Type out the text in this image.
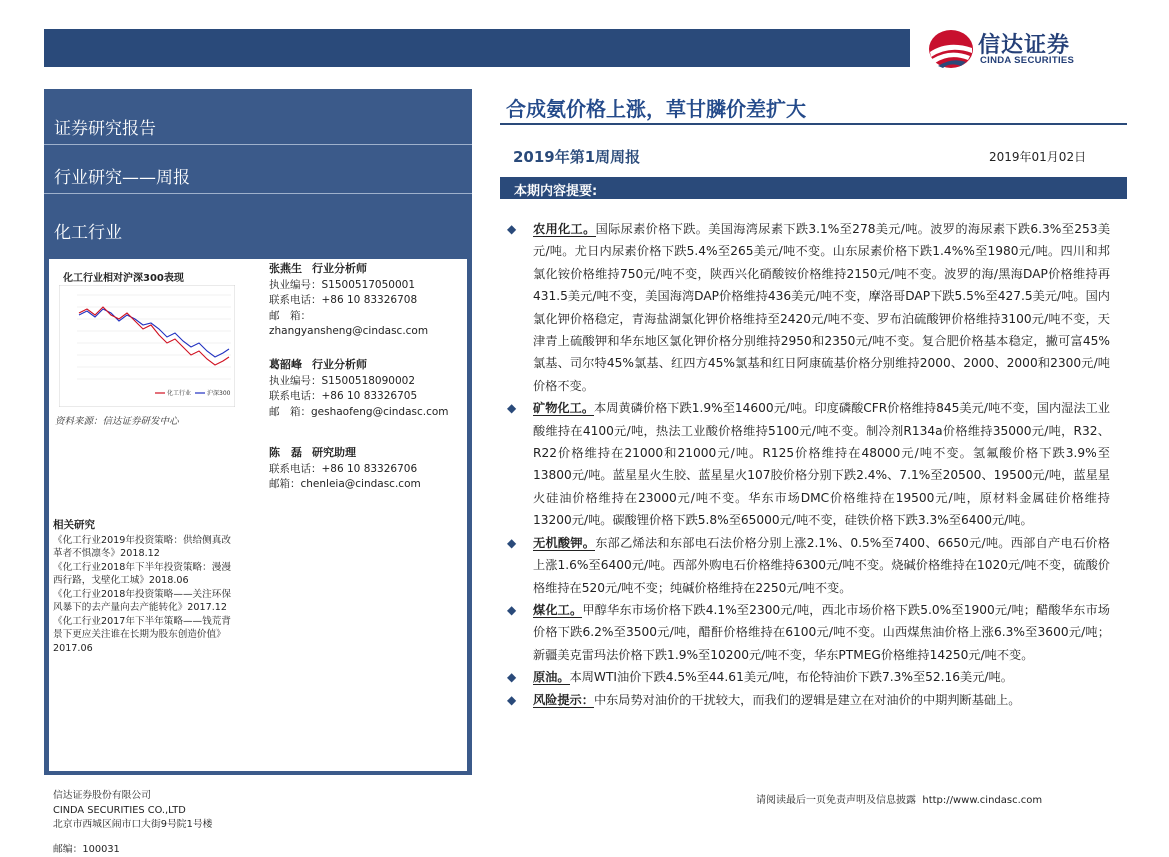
信达证券
CINDA SECURITIES
证券研究报告
行业研究——周报
化工行业
化工行业相对沪深300表现
化工行业	沪深300
资料来源：信达证券研发中心
张燕生 行业分析师
执业编号：S1500517050001
联系电话：+86 10 83326708
邮　箱：
zhangyansheng@cindasc.com
葛韶峰 行业分析师
执业编号：S1500518090002
联系电话：+86 10 83326705
邮　箱：geshaofeng@cindasc.com
陈　磊 研究助理
联系电话：+86 10 83326706
邮箱：chenleia@cindasc.com
相关研究
《化工行业2019年投资策略：供给侧真改革者不惧凛冬》2018.12
《化工行业2018年下半年投资策略：漫漫西行路，戈壁化工城》2018.06
《化工行业2018年投资策略——关注环保风暴下的去产量向去产能转化》2017.12
《化工行业2017年下半年策略——钱荒背景下更应关注谁在长期为股东创造价值》2017.06
信达证券股份有限公司
CINDA SECURITIES CO.,LTD
北京市西城区闹市口大街9号院1号楼
邮编：100031
合成氨价格上涨，草甘膦价差扩大
2019年第1周周报	2019年01月02日
本期内容提要:
◆ 农用化工。国际尿素价格下跌。美国海湾尿素下跌3.1%至278美元/吨。波罗的海尿素下跌6.3%至253美元/吨。尤日内尿素价格下跌5.4%至265美元/吨不变。山东尿素价格下跌1.4%%至1980元/吨。四川和邦氯化铵价格维持750元/吨不变，陕西兴化硝酸铵价格维持2150元/吨不变。波罗的海/黑海DAP价格维持再431.5美元/吨不变，美国海湾DAP价格维持436美元/吨不变，摩洛哥DAP下跌5.5%至427.5美元/吨。国内氯化钾价格稳定，青海盐湖氯化钾价格维持至2420元/吨不变、罗布泊硫酸钾价格维持3100元/吨不变，天津青上硫酸钾和华东地区氯化钾价格分别维持2950和2350元/吨不变。复合肥价格基本稳定，撇可富45%氯基、司尔特45%氯基、红四方45%氯基和红日阿康硫基价格分别维持2000、2000、2000和2300元/吨价格不变。
◆ 矿物化工。本周黄磷价格下跌1.9%至14600元/吨。印度磷酸CFR价格维持845美元/吨不变，国内湿法工业酸维持在4100元/吨，热法工业酸价格维持5100元/吨不变。制冷剂R134a价格维持35000元/吨，R32、R22价格维持在21000和21000元/吨。R125价格维持在48000元/吨不变。氢氟酸价格下跌3.9%至13800元/吨。蓝星星火生胶、蓝星星火107胶价格分别下跌2.4%、7.1%至20500、19500元/吨，蓝星星火硅油价格维持在23000元/吨不变。华东市场DMC价格维持在19500元/吨，原材料金属硅价格维持13200元/吨。碳酸锂价格下跌5.8%至65000元/吨不变，硅铁价格下跌3.3%至6400元/吨。
◆ 无机酸钾。东部乙烯法和东部电石法价格分别上涨2.1%、0.5%至7400、6650元/吨。西部自产电石价格上涨1.6%至6400元/吨。西部外购电石价格维持6300元/吨不变。烧碱价格维持在1020元/吨不变，硫酸价格维持在520元/吨不变；纯碱价格维持在2250元/吨不变。
◆ 煤化工。甲醇华东市场价格下跌4.1%至2300元/吨，西北市场价格下跌5.0%至1900元/吨；醋酸华东市场价格下跌6.2%至3500元/吨，醋酐价格维持在6100元/吨不变。山西煤焦油价格上涨6.3%至3600元/吨；新疆美克雷玛法价格下跌1.9%至10200元/吨不变，华东PTMEG价格维持14250元/吨不变。
◆ 原油。本周WTI油价下跌4.5%至44.61美元/吨，布伦特油价下跌7.3%至52.16美元/吨。
◆ 风险提示：中东局势对油价的干扰较大，而我们的逻辑是建立在对油价的中期判断基础上。
请阅读最后一页免责声明及信息披露 http://www.cindasc.com
